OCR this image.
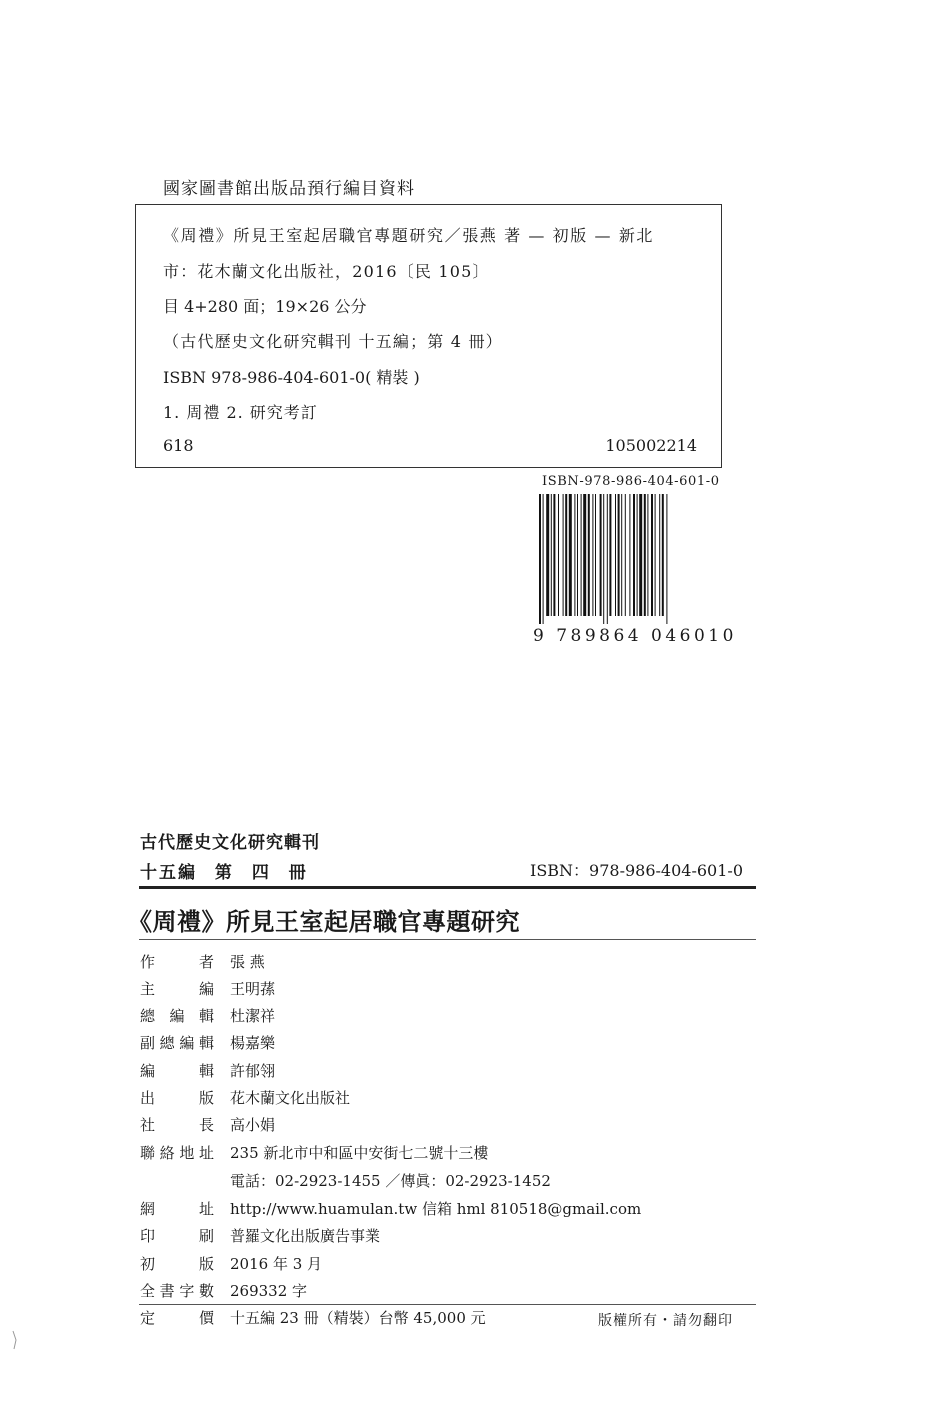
國家圖書館出版品預行編目資料
《周禮》所見王室起居職官專題研究／張燕 著 — 初版 — 新北
市：花木蘭文化出版社，2016〔民 105〕
目 4+280 面；19×26 公分
（古代歷史文化研究輯刊 十五編；第 4 冊）
ISBN 978-986-404-601-0( 精裝 )
1. 周禮 2. 研究考訂
618	105002214
ISBN-978-986-404-601-0
9 789864 046010
古代歷史文化研究輯刊
十五編 第 四 冊	ISBN：978-986-404-601-0
《周禮》所見王室起居職官專題研究
作者 張 燕
主編 王明蓀
總編輯 杜潔祥
副總編輯 楊嘉樂
編輯 許郁翎
出版 花木蘭文化出版社
社長 高小娟
聯絡地址 235 新北市中和區中安街七二號十三樓
電話：02-2923-1455 ／傳眞：02-2923-1452
網址 http://www.huamulan.tw 信箱 hml 810518@gmail.com
印刷 普羅文化出版廣告事業
初版 2016 年 3 月
全書字數 269332 字
定價 十五編 23 冊（精裝）台幣 45,000 元	版權所有・請勿翻印
